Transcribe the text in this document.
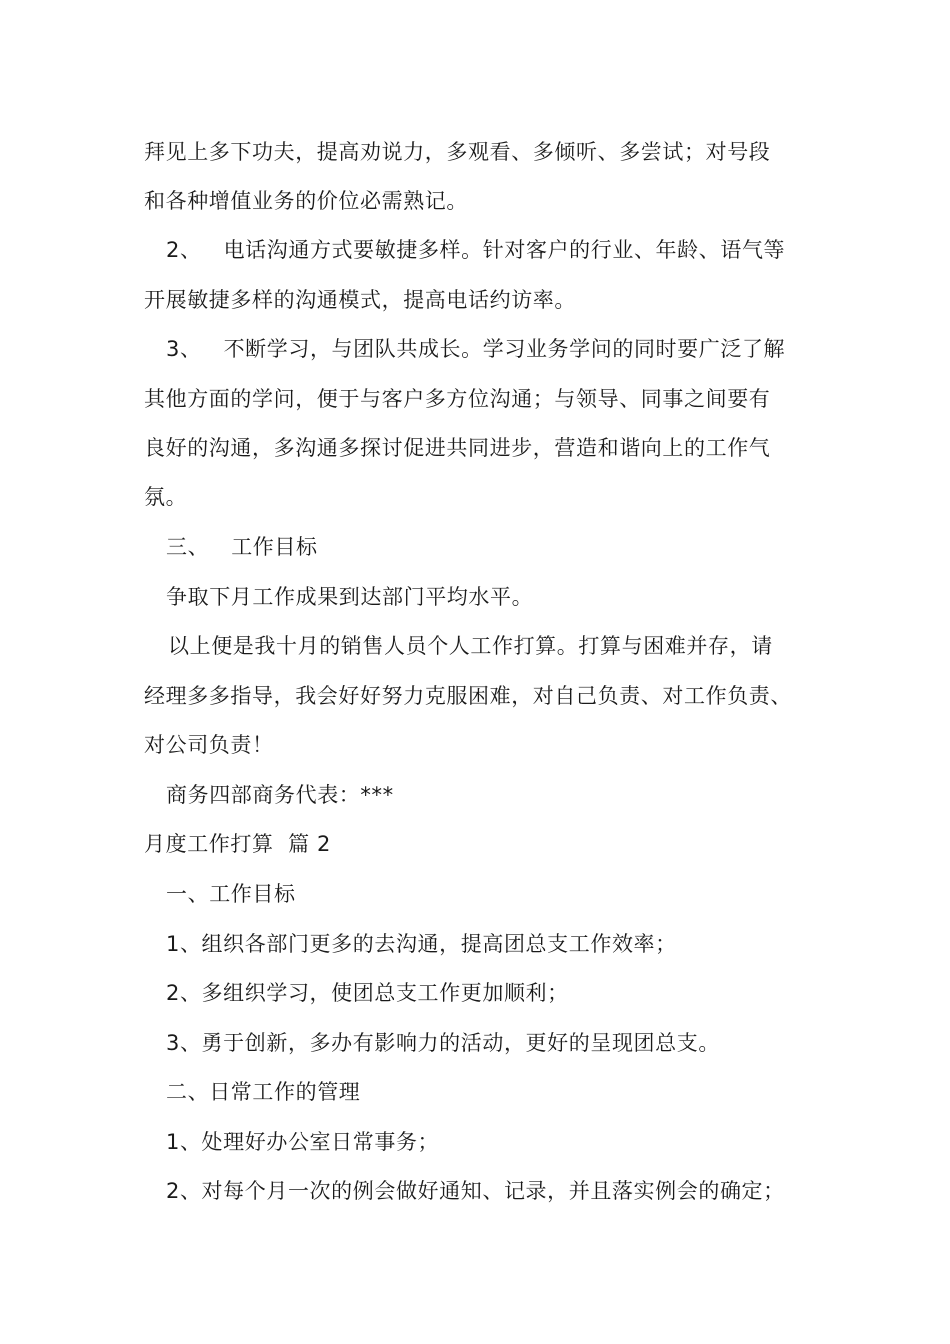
拜见上多下功夫，提高劝说力，多观看、多倾听、多尝试；对号段
和各种增值业务的价位必需熟记。
2、 电话沟通方式要敏捷多样。针对客户的行业、年龄、语气等
开展敏捷多样的沟通模式，提高电话约访率。
3、 不断学习，与团队共成长。学习业务学问的同时要广泛了解
其他方面的学问，便于与客户多方位沟通；与领导、同事之间要有
良好的沟通，多沟通多探讨促进共同进步，营造和谐向上的工作气
氛。
三、 工作目标
争取下月工作成果到达部门平均水平。
以上便是我十月的销售人员个人工作打算。打算与困难并存，请
经理多多指导，我会好好努力克服困难，对自己负责、对工作负责、
对公司负责！
商务四部商务代表：***
月度工作打算  篇 2
一、工作目标
1、组织各部门更多的去沟通，提高团总支工作效率；
2、多组织学习，使团总支工作更加顺利；
3、勇于创新，多办有影响力的活动，更好的呈现团总支。
二、日常工作的管理
1、处理好办公室日常事务；
2、对每个月一次的例会做好通知、记录，并且落实例会的确定；
